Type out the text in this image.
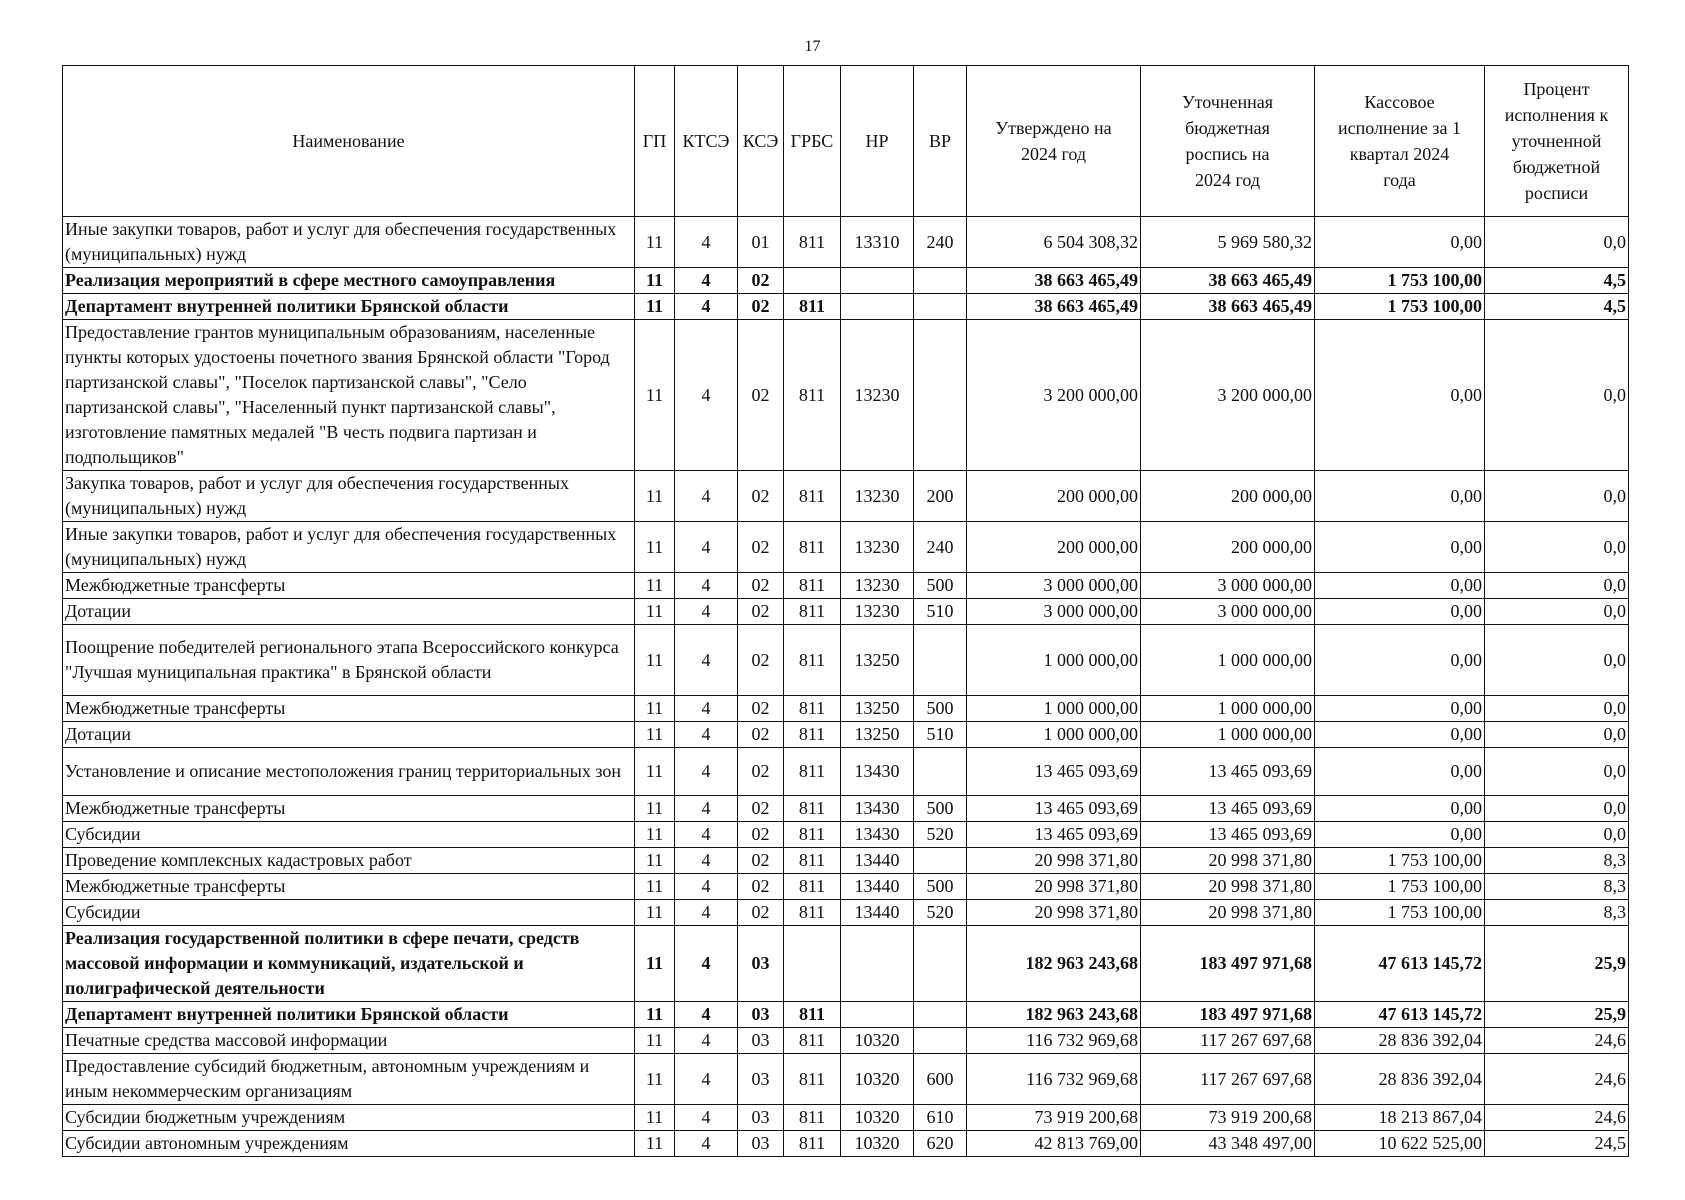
17
Наименование	ГП	КТСЭ	КСЭ	ГРБС	НР	ВР	Утверждено на 2024 год	Уточненная бюджетная роспись на 2024 год	Кассовое исполнение за 1 квартал 2024 года	Процент исполнения к уточненной бюджетной росписи
Иные закупки товаров, работ и услуг для обеспечения государственных (муниципальных) нужд	11	4	01	811	13310	240	6 504 308,32	5 969 580,32	0,00	0,0
Реализация мероприятий в сфере местного самоуправления	11	4	02				38 663 465,49	38 663 465,49	1 753 100,00	4,5
Департамент внутренней политики Брянской области	11	4	02	811			38 663 465,49	38 663 465,49	1 753 100,00	4,5
Предоставление грантов муниципальным образованиям, населенные пункты которых удостоены почетного звания Брянской области "Город партизанской славы", "Поселок партизанской славы", "Село партизанской славы", "Населенный пункт партизанской славы", изготовление памятных медалей "В честь подвига партизан и подпольщиков"	11	4	02	811	13230		3 200 000,00	3 200 000,00	0,00	0,0
Закупка товаров, работ и услуг для обеспечения государственных (муниципальных) нужд	11	4	02	811	13230	200	200 000,00	200 000,00	0,00	0,0
Иные закупки товаров, работ и услуг для обеспечения государственных (муниципальных) нужд	11	4	02	811	13230	240	200 000,00	200 000,00	0,00	0,0
Межбюджетные трансферты	11	4	02	811	13230	500	3 000 000,00	3 000 000,00	0,00	0,0
Дотации	11	4	02	811	13230	510	3 000 000,00	3 000 000,00	0,00	0,0
Поощрение победителей регионального этапа Всероссийского конкурса "Лучшая муниципальная практика" в Брянской области	11	4	02	811	13250		1 000 000,00	1 000 000,00	0,00	0,0
Межбюджетные трансферты	11	4	02	811	13250	500	1 000 000,00	1 000 000,00	0,00	0,0
Дотации	11	4	02	811	13250	510	1 000 000,00	1 000 000,00	0,00	0,0
Установление и описание местоположения границ территориальных зон	11	4	02	811	13430		13 465 093,69	13 465 093,69	0,00	0,0
Межбюджетные трансферты	11	4	02	811	13430	500	13 465 093,69	13 465 093,69	0,00	0,0
Субсидии	11	4	02	811	13430	520	13 465 093,69	13 465 093,69	0,00	0,0
Проведение комплексных кадастровых работ	11	4	02	811	13440		20 998 371,80	20 998 371,80	1 753 100,00	8,3
Межбюджетные трансферты	11	4	02	811	13440	500	20 998 371,80	20 998 371,80	1 753 100,00	8,3
Субсидии	11	4	02	811	13440	520	20 998 371,80	20 998 371,80	1 753 100,00	8,3
Реализация государственной политики в сфере печати, средств массовой информации и коммуникаций, издательской и полиграфической деятельности	11	4	03				182 963 243,68	183 497 971,68	47 613 145,72	25,9
Департамент внутренней политики Брянской области	11	4	03	811			182 963 243,68	183 497 971,68	47 613 145,72	25,9
Печатные средства массовой информации	11	4	03	811	10320		116 732 969,68	117 267 697,68	28 836 392,04	24,6
Предоставление субсидий бюджетным, автономным учреждениям и иным некоммерческим организациям	11	4	03	811	10320	600	116 732 969,68	117 267 697,68	28 836 392,04	24,6
Субсидии бюджетным учреждениям	11	4	03	811	10320	610	73 919 200,68	73 919 200,68	18 213 867,04	24,6
Субсидии автономным учреждениям	11	4	03	811	10320	620	42 813 769,00	43 348 497,00	10 622 525,00	24,5
